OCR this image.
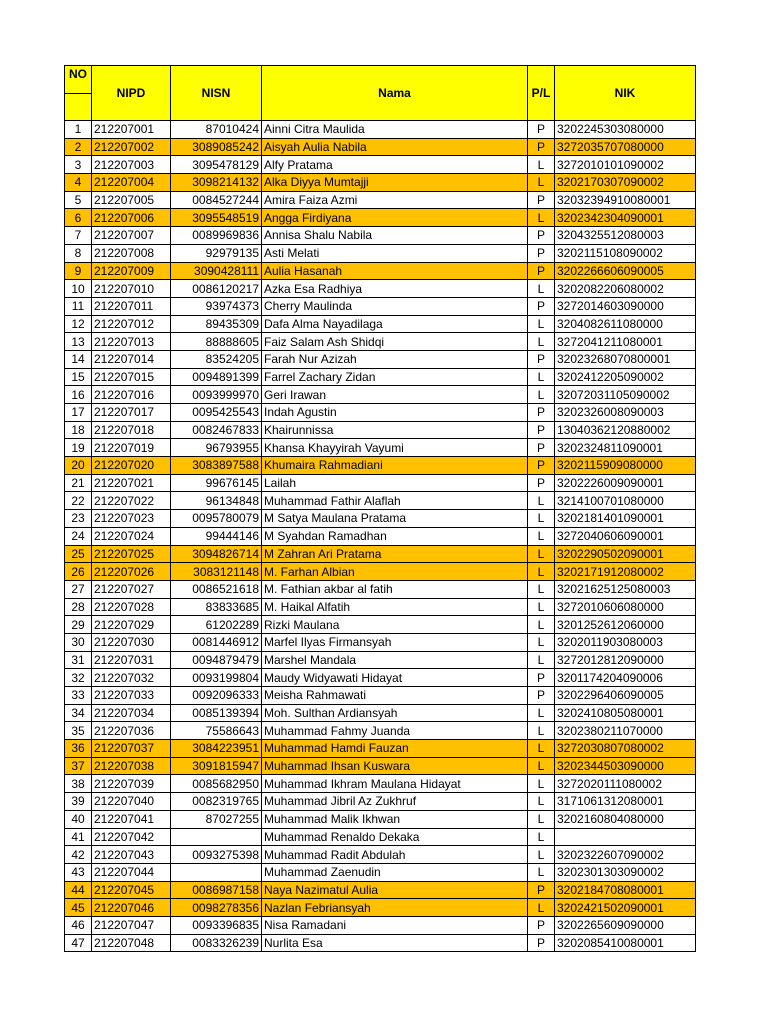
NO	NIPD	NISN	Nama	P/L	NIK

1	212207001	87010424	Ainni Citra Maulida	P	3202245303080000
2	212207002	3089085242	Aisyah Aulia Nabila	P	3272035707080000
3	212207003	3095478129	Alfy Pratama	L	3272010101090002
4	212207004	3098214132	Alka Diyya Mumtajji	L	3202170307090002
5	212207005	0084527244	Amira Faiza Azmi	P	32032394910080001
6	212207006	3095548519	Angga Firdiyana	L	3202342304090001
7	212207007	0089969836	Annisa Shalu Nabila	P	3204325512080003
8	212207008	92979135	Asti Melati	P	3202115108090002
9	212207009	3090428111	Aulia Hasanah	P	3202266606090005
10	212207010	0086120217	Azka Esa Radhiya	L	3202082206080002
11	212207011	93974373	Cherry Maulinda	P	3272014603090000
12	212207012	89435309	Dafa Alma Nayadilaga	L	3204082611080000
13	212207013	88888605	Faiz Salam Ash Shidqi	L	3272041211080001
14	212207014	83524205	Farah Nur Azizah	P	32023268070800001
15	212207015	0094891399	Farrel Zachary Zidan	L	3202412205090002
16	212207016	0093999970	Geri Irawan	L	32072031105090002
17	212207017	0095425543	Indah Agustin	P	3202326008090003
18	212207018	0082467833	Khairunnissa	P	13040362120880002
19	212207019	96793955	Khansa Khayyirah Vayumi	P	3202324811090001
20	212207020	3083897588	Khumaira Rahmadiani	P	3202115909080000
21	212207021	99676145	Lailah	P	3202226009090001
22	212207022	96134848	Muhammad Fathir Alaflah	L	3214100701080000
23	212207023	0095780079	M Satya Maulana Pratama	L	3202181401090001
24	212207024	99444146	M Syahdan Ramadhan	L	3272040606090001
25	212207025	3094826714	M Zahran Ari Pratama	L	3202290502090001
26	212207026	3083121148	M. Farhan Albian	L	3202171912080002
27	212207027	0086521618	M. Fathian akbar al fatih	L	32021625125080003
28	212207028	83833685	M. Haikal Alfatih	L	3272010606080000
29	212207029	61202289	Rizki Maulana	L	3201252612060000
30	212207030	0081446912	Marfel Ilyas Firmansyah	L	3202011903080003
31	212207031	0094879479	Marshel Mandala	L	3272012812090000
32	212207032	0093199804	Maudy Widyawati Hidayat	P	3201174204090006
33	212207033	0092096333	Meisha Rahmawati	P	3202296406090005
34	212207034	0085139394	Moh. Sulthan Ardiansyah	L	3202410805080001
35	212207036	75586643	Muhammad Fahmy Juanda	L	3202380211070000
36	212207037	3084223951	Muhammad Hamdi Fauzan	L	3272030807080002
37	212207038	3091815947	Muhammad Ihsan Kuswara	L	3202344503090000
38	212207039	0085682950	Muhammad Ikhram Maulana Hidayat	L	3272020111080002
39	212207040	0082319765	Muhammad Jibril Az Zukhruf	L	3171061312080001
40	212207041	87027255	Muhammad Malik Ikhwan	L	3202160804080000
41	212207042		Muhammad Renaldo Dekaka	L	
42	212207043	0093275398	Muhammad Radit Abdulah	L	3202322607090002
43	212207044		Muhammad Zaenudin	L	3202301303090002
44	212207045	0086987158	Naya Nazimatul Aulia	P	3202184708080001
45	212207046	0098278356	Nazlan Febriansyah	L	3202421502090001
46	212207047	0093396835	Nisa Ramadani	P	3202265609090000
47	212207048	0083326239	Nurlita Esa	P	3202085410080001
